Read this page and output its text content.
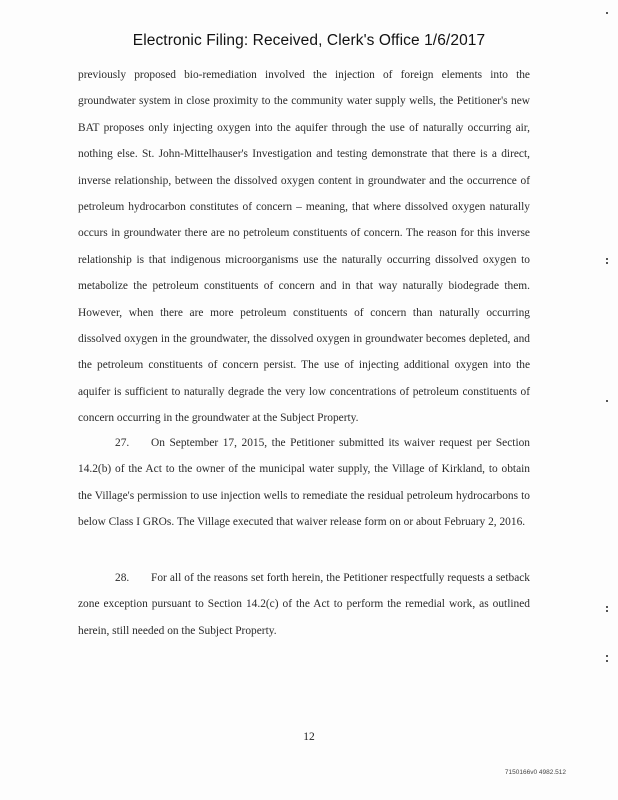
Electronic Filing: Received, Clerk's Office 1/6/2017

previously proposed bio-remediation involved the injection of foreign elements into the groundwater system in close proximity to the community water supply wells, the Petitioner's new BAT proposes only injecting oxygen into the aquifer through the use of naturally occurring air, nothing else. St. John-Mittelhauser's Investigation and testing demonstrate that there is a direct, inverse relationship, between the dissolved oxygen content in groundwater and the occurrence of petroleum hydrocarbon constitutes of concern – meaning, that where dissolved oxygen naturally occurs in groundwater there are no petroleum constituents of concern. The reason for this inverse relationship is that indigenous microorganisms use the naturally occurring dissolved oxygen to metabolize the petroleum constituents of concern and in that way naturally biodegrade them. However, when there are more petroleum constituents of concern than naturally occurring dissolved oxygen in the groundwater, the dissolved oxygen in groundwater becomes depleted, and the petroleum constituents of concern persist. The use of injecting additional oxygen into the aquifer is sufficient to naturally degrade the very low concentrations of petroleum constituents of concern occurring in the groundwater at the Subject Property.

27. On September 17, 2015, the Petitioner submitted its waiver request per Section 14.2(b) of the Act to the owner of the municipal water supply, the Village of Kirkland, to obtain the Village's permission to use injection wells to remediate the residual petroleum hydrocarbons to below Class I GROs. The Village executed that waiver release form on or about February 2, 2016.

28. For all of the reasons set forth herein, the Petitioner respectfully requests a setback zone exception pursuant to Section 14.2(c) of the Act to perform the remedial work, as outlined herein, still needed on the Subject Property.

12
7150166v0 4982.512
